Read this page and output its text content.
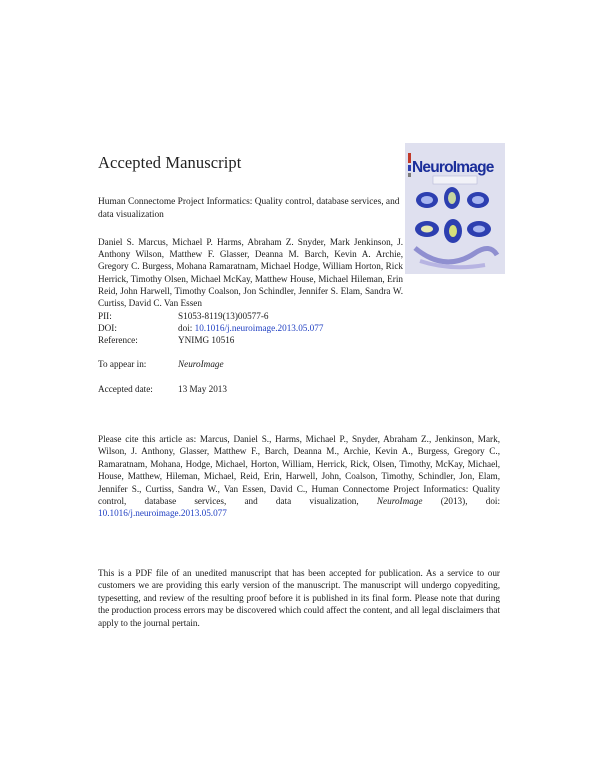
Accepted Manuscript
Human Connectome Project Informatics: Quality control, database services, and data visualization
Daniel S. Marcus, Michael P. Harms, Abraham Z. Snyder, Mark Jenkinson, J. Anthony Wilson, Matthew F. Glasser, Deanna M. Barch, Kevin A. Archie, Gregory C. Burgess, Mohana Ramaratnam, Michael Hodge, William Horton, Rick Herrick, Timothy Olsen, Michael McKay, Matthew House, Michael Hileman, Erin Reid, John Harwell, Timothy Coalson, Jon Schindler, Jennifer S. Elam, Sandra W. Curtiss, David C. Van Essen
PII:	S1053-8119(13)00577-6
DOI:	doi: 10.1016/j.neuroimage.2013.05.077
Reference:	YNIMG 10516
To appear in:	NeuroImage
Accepted date:	13 May 2013
Please cite this article as: Marcus, Daniel S., Harms, Michael P., Snyder, Abraham Z., Jenkinson, Mark, Wilson, J. Anthony, Glasser, Matthew F., Barch, Deanna M., Archie, Kevin A., Burgess, Gregory C., Ramaratnam, Mohana, Hodge, Michael, Horton, William, Herrick, Rick, Olsen, Timothy, McKay, Michael, House, Matthew, Hileman, Michael, Reid, Erin, Harwell, John, Coalson, Timothy, Schindler, Jon, Elam, Jennifer S., Curtiss, Sandra W., Van Essen, David C., Human Connectome Project Informatics: Quality control, database services, and data visualization, NeuroImage (2013), doi: 10.1016/j.neuroimage.2013.05.077
This is a PDF file of an unedited manuscript that has been accepted for publication. As a service to our customers we are providing this early version of the manuscript. The manuscript will undergo copyediting, typesetting, and review of the resulting proof before it is published in its final form. Please note that during the production process errors may be discovered which could affect the content, and all legal disclaimers that apply to the journal pertain.
NeuroImage
